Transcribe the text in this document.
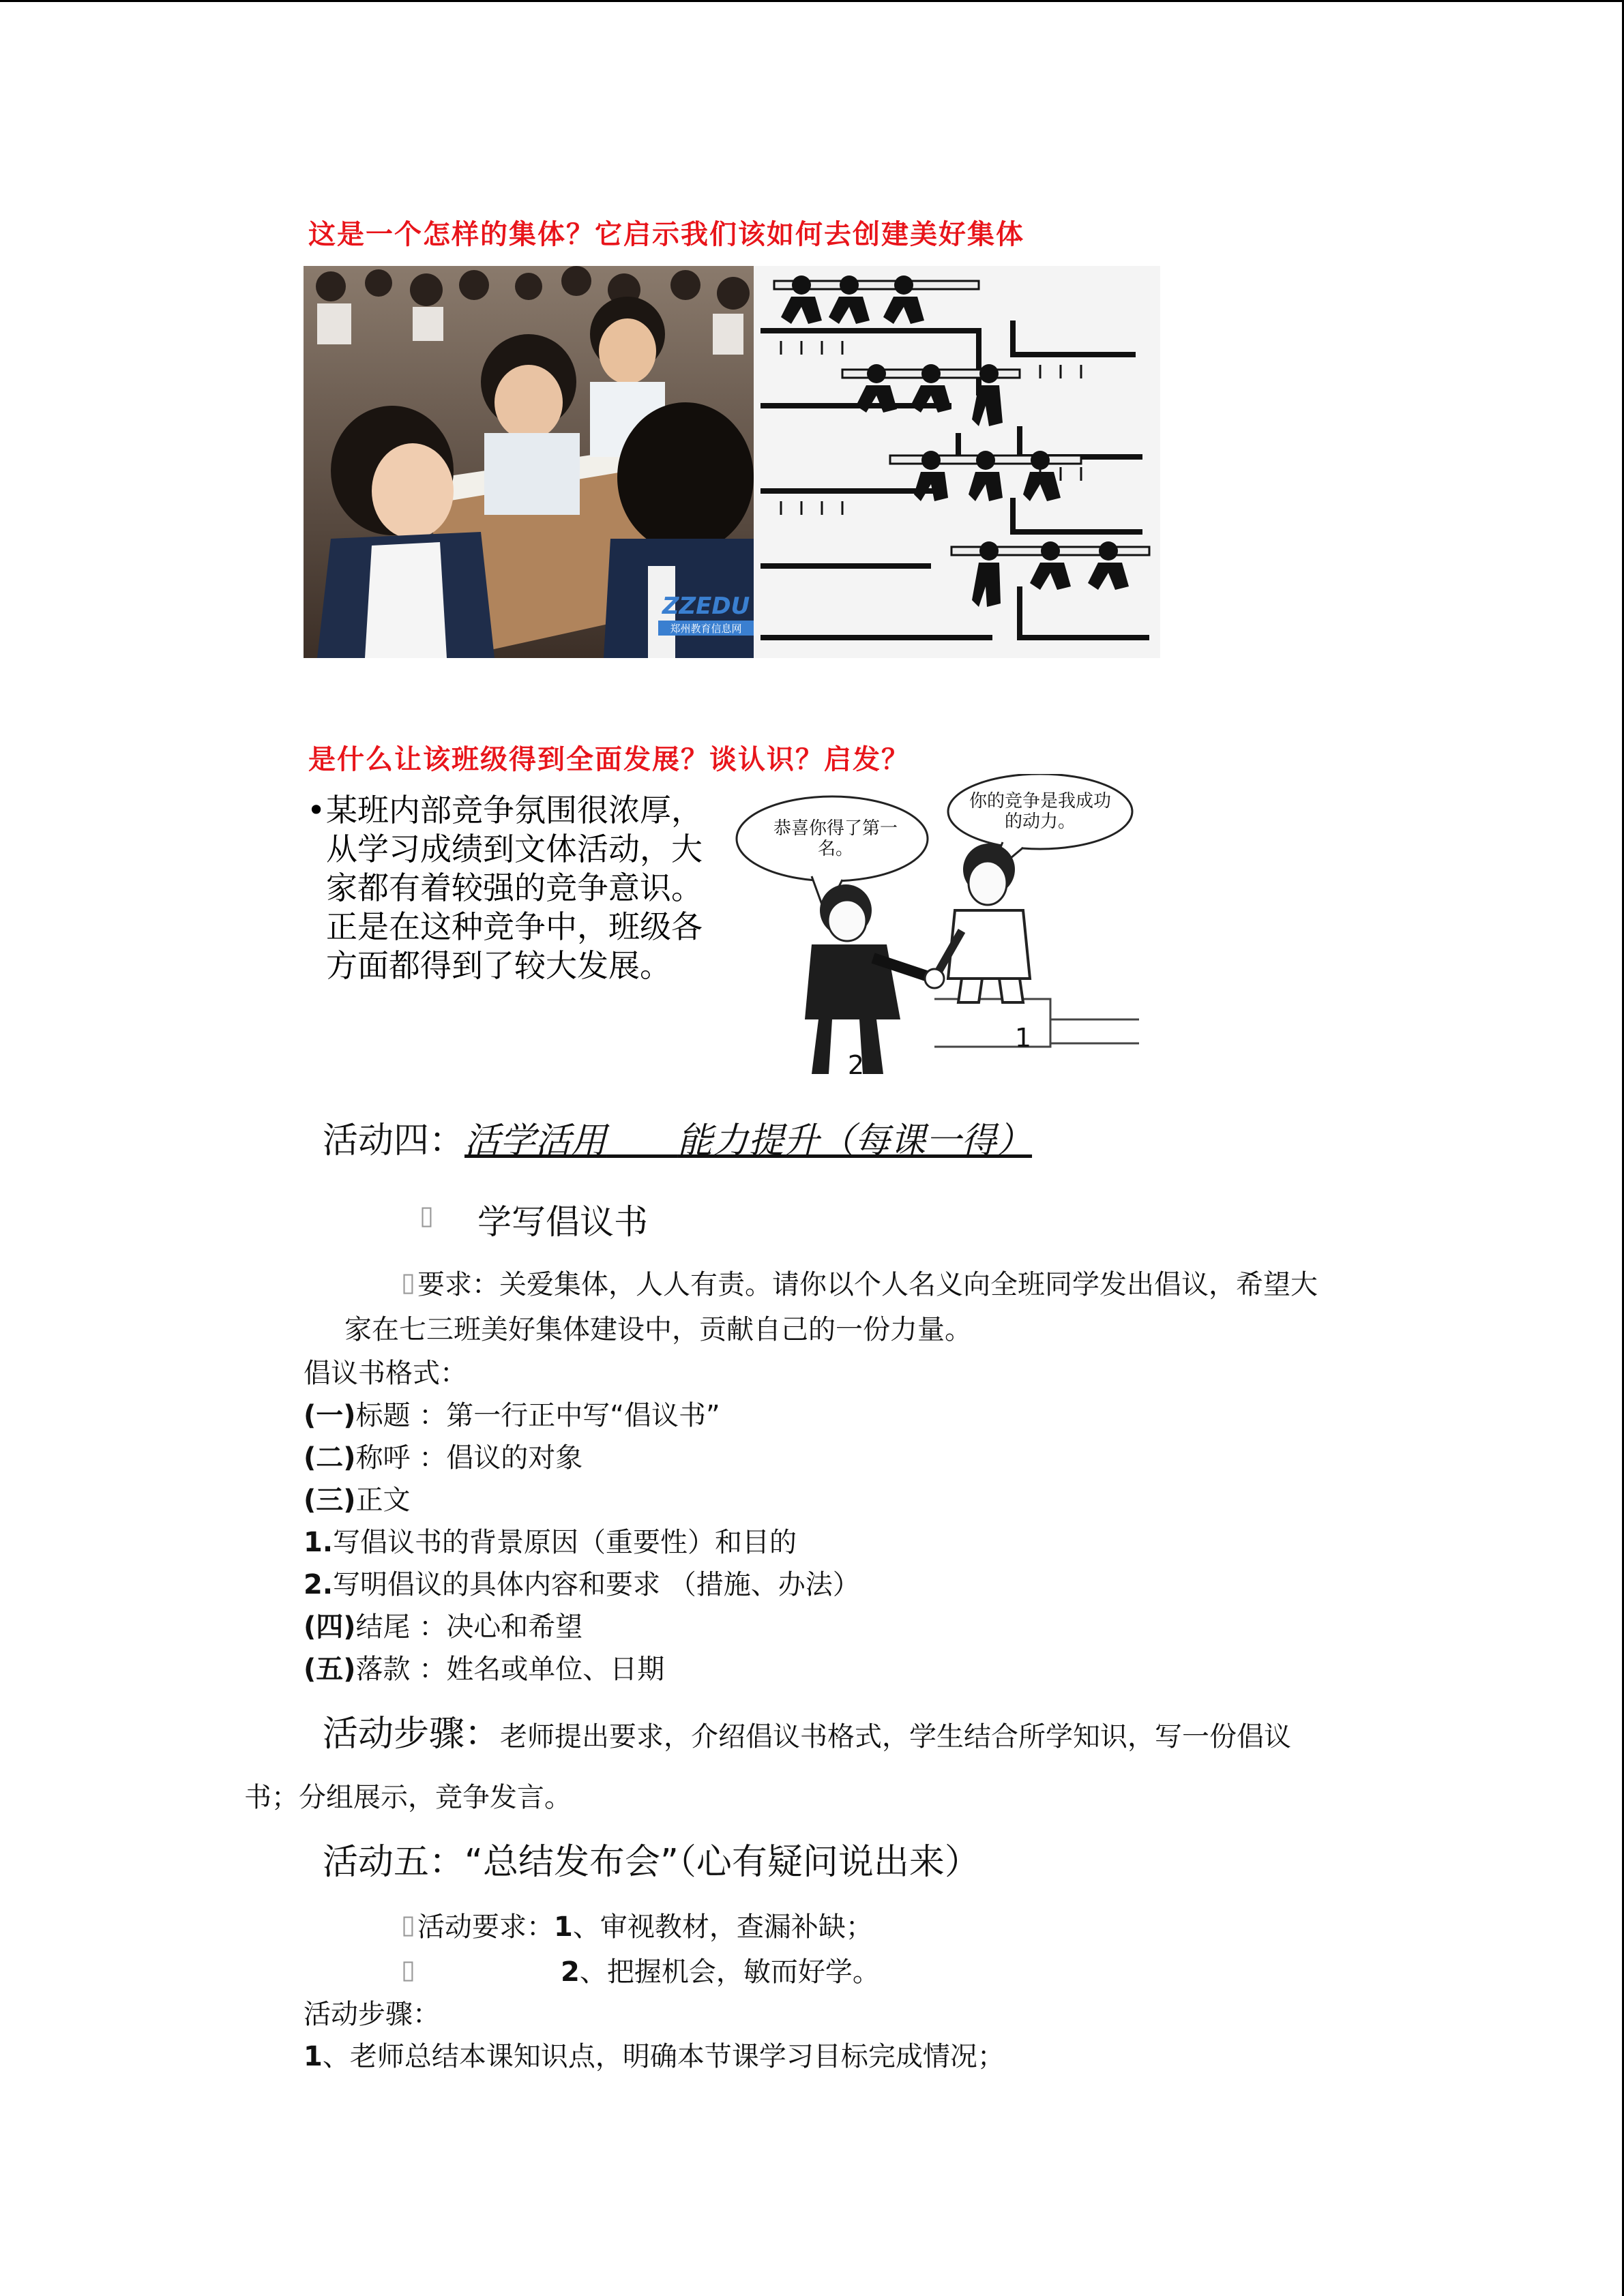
这是一个怎样的集体？它启示我们该如何去创建美好集体
ZZEDU
郑州教育信息网
是什么让该班级得到全面发展？谈认识？启发？
• 某班内部竞争氛围很浓厚，从学习成绩到文体活动，大家都有着较强的竞争意识。正是在这种竞争中，班级各方面都得到了较大发展。
恭喜你得了第一名。
你的竞争是我成功的动力。
2
1
活动四：活学活用　　 能力提升（每课一得）
▯ 学写倡议书
▯ 要求：关爱集体，人人有责。请你以个人名义向全班同学发出倡议，希望大
家在七三班美好集体建设中，贡献自己的一份力量。
倡议书格式：
(一)标题 ：第一行正中写“倡议书”
(二)称呼 ：倡议的对象
(三)正文
1.写倡议书的背景原因（重要性）和目的
2.写明倡议的具体内容和要求 （措施、办法）
(四)结尾 ：决心和希望
(五)落款 ：姓名或单位、日期
活动步骤：老师提出要求，介绍倡议书格式，学生结合所学知识，写一份倡议
书；分组展示，竞争发言。
活动五：“总结发布会”（心有疑问说出来）
▯ 活动要求：1、审视教材，查漏补缺；
▯	2、把握机会，敏而好学。
活动步骤：
1、老师总结本课知识点，明确本节课学习目标完成情况；
